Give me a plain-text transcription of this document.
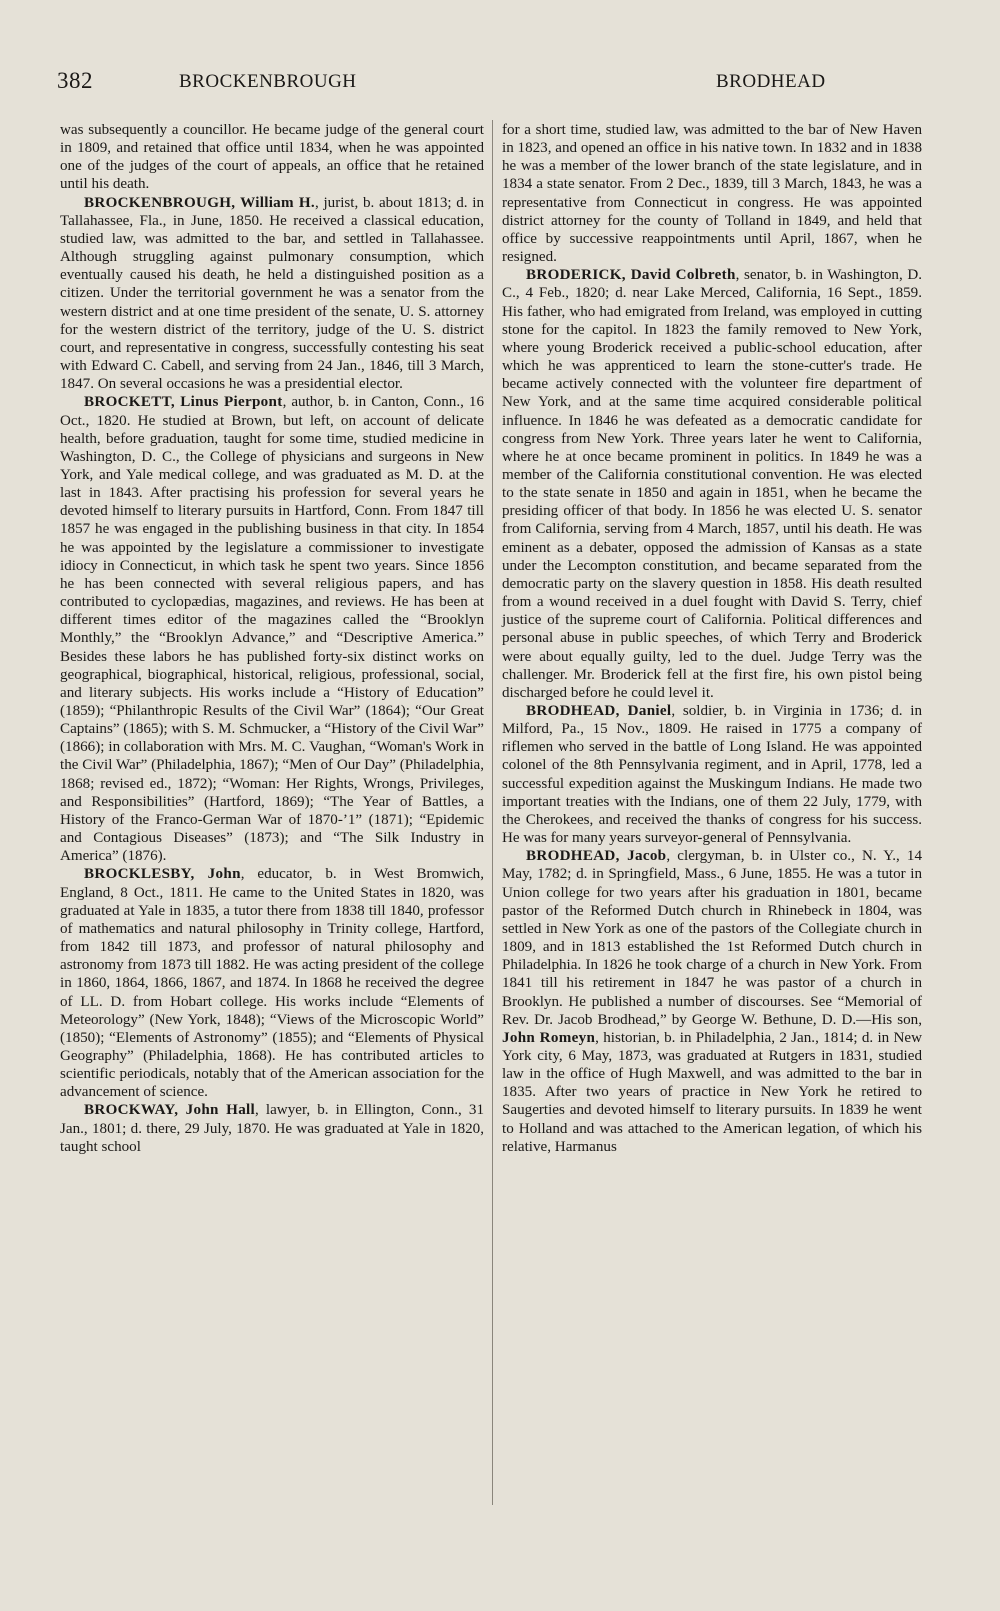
382	BROCKENBROUGH	BRODHEAD

was subsequently a councillor. He became judge of the general court in 1809, and retained that office until 1834, when he was appointed one of the judges of the court of appeals, an office that he retained until his death.

BROCKENBROUGH, William H., jurist, b. about 1813; d. in Tallahassee, Fla., in June, 1850. He received a classical education, studied law, was admitted to the bar, and settled in Tallahassee. Although struggling against pulmonary consumption, which eventually caused his death, he held a distinguished position as a citizen. Under the territorial government he was a senator from the western district and at one time president of the senate, U. S. attorney for the western district of the territory, judge of the U. S. district court, and representative in congress, successfully contesting his seat with Edward C. Cabell, and serving from 24 Jan., 1846, till 3 March, 1847. On several occasions he was a presidential elector.

BROCKETT, Linus Pierpont, author, b. in Canton, Conn., 16 Oct., 1820. He studied at Brown, but left, on account of delicate health, before graduation, taught for some time, studied medicine in Washington, D. C., the College of physicians and surgeons in New York, and Yale medical college, and was graduated as M. D. at the last in 1843. After practising his profession for several years he devoted himself to literary pursuits in Hartford, Conn. From 1847 till 1857 he was engaged in the publishing business in that city. In 1854 he was appointed by the legislature a commissioner to investigate idiocy in Connecticut, in which task he spent two years. Since 1856 he has been connected with several religious papers, and has contributed to cyclopædias, magazines, and reviews. He has been at different times editor of the magazines called the “Brooklyn Monthly,” the “Brooklyn Advance,” and “Descriptive America.” Besides these labors he has published forty-six distinct works on geographical, biographical, historical, religious, professional, social, and literary subjects. His works include a “History of Education” (1859); “Philanthropic Results of the Civil War” (1864); “Our Great Captains” (1865); with S. M. Schmucker, a “History of the Civil War” (1866); in collaboration with Mrs. M. C. Vaughan, “Woman's Work in the Civil War” (Philadelphia, 1867); “Men of Our Day” (Philadelphia, 1868; revised ed., 1872); “Woman: Her Rights, Wrongs, Privileges, and Responsibilities” (Hartford, 1869); “The Year of Battles, a History of the Franco-German War of 1870-’1” (1871); “Epidemic and Contagious Diseases” (1873); and “The Silk Industry in America” (1876).

BROCKLESBY, John, educator, b. in West Bromwich, England, 8 Oct., 1811. He came to the United States in 1820, was graduated at Yale in 1835, a tutor there from 1838 till 1840, professor of mathematics and natural philosophy in Trinity college, Hartford, from 1842 till 1873, and professor of natural philosophy and astronomy from 1873 till 1882. He was acting president of the college in 1860, 1864, 1866, 1867, and 1874. In 1868 he received the degree of LL. D. from Hobart college. His works include “Elements of Meteorology” (New York, 1848); “Views of the Microscopic World” (1850); “Elements of Astronomy” (1855); and “Elements of Physical Geography” (Philadelphia, 1868). He has contributed articles to scientific periodicals, notably that of the American association for the advancement of science.

BROCKWAY, John Hall, lawyer, b. in Ellington, Conn., 31 Jan., 1801; d. there, 29 July, 1870. He was graduated at Yale in 1820, taught school

for a short time, studied law, was admitted to the bar of New Haven in 1823, and opened an office in his native town. In 1832 and in 1838 he was a member of the lower branch of the state legislature, and in 1834 a state senator. From 2 Dec., 1839, till 3 March, 1843, he was a representative from Connecticut in congress. He was appointed district attorney for the county of Tolland in 1849, and held that office by successive reappointments until April, 1867, when he resigned.

BRODERICK, David Colbreth, senator, b. in Washington, D. C., 4 Feb., 1820; d. near Lake Merced, California, 16 Sept., 1859. His father, who had emigrated from Ireland, was employed in cutting stone for the capitol. In 1823 the family removed to New York, where young Broderick received a public-school education, after which he was apprenticed to learn the stone-cutter's trade. He became actively connected with the volunteer fire department of New York, and at the same time acquired considerable political influence. In 1846 he was defeated as a democratic candidate for congress from New York. Three years later he went to California, where he at once became prominent in politics. In 1849 he was a member of the California constitutional convention. He was elected to the state senate in 1850 and again in 1851, when he became the presiding officer of that body. In 1856 he was elected U. S. senator from California, serving from 4 March, 1857, until his death. He was eminent as a debater, opposed the admission of Kansas as a state under the Lecompton constitution, and became separated from the democratic party on the slavery question in 1858. His death resulted from a wound received in a duel fought with David S. Terry, chief justice of the supreme court of California. Political differences and personal abuse in public speeches, of which Terry and Broderick were about equally guilty, led to the duel. Judge Terry was the challenger. Mr. Broderick fell at the first fire, his own pistol being discharged before he could level it.

BRODHEAD, Daniel, soldier, b. in Virginia in 1736; d. in Milford, Pa., 15 Nov., 1809. He raised in 1775 a company of riflemen who served in the battle of Long Island. He was appointed colonel of the 8th Pennsylvania regiment, and in April, 1778, led a successful expedition against the Muskingum Indians. He made two important treaties with the Indians, one of them 22 July, 1779, with the Cherokees, and received the thanks of congress for his success. He was for many years surveyor-general of Pennsylvania.

BRODHEAD, Jacob, clergyman, b. in Ulster co., N. Y., 14 May, 1782; d. in Springfield, Mass., 6 June, 1855. He was a tutor in Union college for two years after his graduation in 1801, became pastor of the Reformed Dutch church in Rhinebeck in 1804, was settled in New York as one of the pastors of the Collegiate church in 1809, and in 1813 established the 1st Reformed Dutch church in Philadelphia. In 1826 he took charge of a church in New York. From 1841 till his retirement in 1847 he was pastor of a church in Brooklyn. He published a number of discourses. See “Memorial of Rev. Dr. Jacob Brodhead,” by George W. Bethune, D. D.—His son, John Romeyn, historian, b. in Philadelphia, 2 Jan., 1814; d. in New York city, 6 May, 1873, was graduated at Rutgers in 1831, studied law in the office of Hugh Maxwell, and was admitted to the bar in 1835. After two years of practice in New York he retired to Saugerties and devoted himself to literary pursuits. In 1839 he went to Holland and was attached to the American legation, of which his relative, Harmanus
